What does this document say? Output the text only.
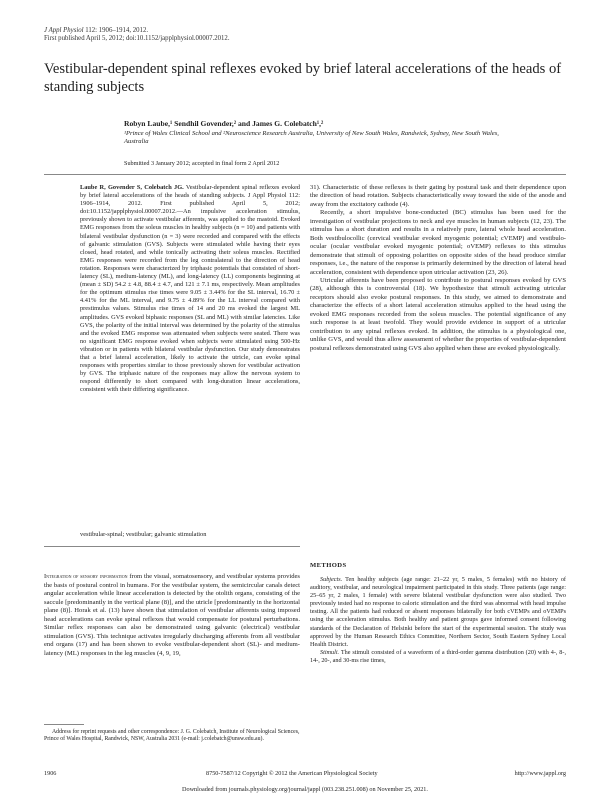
J Appl Physiol 112: 1906–1914, 2012.
First published April 5, 2012; doi:10.1152/japplphysiol.00007.2012.
Vestibular-dependent spinal reflexes evoked by brief lateral accelerations of the heads of standing subjects
Robyn Laube,¹ Sendhil Govender,² and James G. Colebatch¹,²
¹Prince of Wales Clinical School and ²Neuroscience Research Australia, University of New South Wales, Randwick, Sydney, New South Wales, Australia
Submitted 3 January 2012; accepted in final form 2 April 2012
Laube R, Govender S, Colebatch JG. Vestibular-dependent spinal reflexes evoked by brief lateral accelerations of the heads of standing subjects. J Appl Physiol 112: 1906–1914, 2012. First published April 5, 2012; doi:10.1152/japplphysiol.00007.2012.—An impulsive acceleration stimulus, previously shown to activate vestibular afferents, was applied to the mastoid. Evoked EMG responses from the soleus muscles in healthy subjects (n = 10) and patients with bilateral vestibular dysfunction (n = 3) were recorded and compared with the effects of galvanic stimulation (GVS). Subjects were stimulated while having their eyes closed, head rotated, and while tonically activating their soleus muscles. Rectified EMG responses were recorded from the leg contralateral to the direction of head rotation. Responses were characterized by triphasic potentials that consisted of short-latency (SL), medium-latency (ML), and long-latency (LL) components beginning at (mean ± SD) 54.2 ± 4.8, 88.4 ± 4.7, and 121 ± 7.1 ms, respectively. Mean amplitudes for the optimum stimulus rise times were 9.05 ± 3.44% for the SL interval, 16.70 ± 4.41% for the ML interval, and 9.75 ± 4.89% for the LL interval compared with prestimulus values. Stimulus rise times of 14 and 20 ms evoked the largest ML amplitudes. GVS evoked biphasic responses (SL and ML) with similar latencies. Like GVS, the polarity of the initial interval was determined by the polarity of the stimulus and the evoked EMG response was attenuated when subjects were seated. There was no significant EMG response evoked when subjects were stimulated using 500-Hz vibration or in patients with bilateral vestibular dysfunction. Our study demonstrates that a brief lateral acceleration, likely to activate the utricle, can evoke spinal responses with properties similar to those previously shown for vestibular activation by GVS. The triphasic nature of the responses may allow the nervous system to respond differently to short compared with long-duration linear accelerations, consistent with their differing significance.
vestibular-spinal; vestibular; galvanic stimulation
Integration of sensory information from the visual, somatosensory, and vestibular systems provides the basis of postural control in humans. For the vestibular system, the semicircular canals detect angular acceleration while linear acceleration is detected by the otolith organs, consisting of the saccule [predominantly in the vertical plane (8)], and the utricle [predominantly in the horizontal plane (8)]. Horak et al. (13) have shown that stimulation of vestibular afferents using imposed head accelerations can evoke spinal reflexes that would compensate for postural perturbations. Similar reflex responses can also be demonstrated using galvanic (electrical) vestibular stimulation (GVS). This technique activates irregularly discharging afferents from all vestibular end organs (17) and has been shown to evoke vestibular-dependent short (SL)- and medium-latency (ML) responses in the leg muscles (4, 9, 19,

31). Characteristic of these reflexes is their gating by postural task and their dependence upon the direction of head rotation. Subjects characteristically sway toward the side of the anode and away from the excitatory cathode (4).

Recently, a short impulsive bone-conducted (BC) stimulus has been used for the investigation of vestibular projections to neck and eye muscles in human subjects (12, 23). The stimulus has a short duration and results in a relatively pure, lateral whole head acceleration. Both vestibulocollic (cervical vestibular evoked myogenic potential; cVEMP) and vestibulo-ocular (ocular vestibular evoked myogenic potential; oVEMP) reflexes to this stimulus demonstrate that stimuli of opposing polarities on opposite sides of the head produce similar responses, i.e., the nature of the response is primarily determined by the direction of lateral head acceleration, consistent with dependence upon utricular activation (23, 26).

Utricular afferents have been proposed to contribute to postural responses evoked by GVS (28), although this is controversial (18). We hypothesize that stimuli activating utricular receptors should also evoke postural responses. In this study, we aimed to demonstrate and characterize the effects of a short lateral acceleration stimulus applied to the head using the evoked EMG responses recorded from the soleus muscles. The potential significance of any such response is at least twofold. They would provide evidence in support of a utricular contribution to any spinal reflexes evoked. In addition, the stimulus is a physiological one, unlike GVS, and would thus allow assessment of whether the properties of vestibular-dependent postural reflexes demonstrated using GVS also applied when these are evoked physiologically.

METHODS

Subjects. Ten healthy subjects (age range: 21–22 yr, 5 males, 5 females) with no history of auditory, vestibular, and neurological impairment participated in this study. Three patients (age range: 25–65 yr, 2 males, 1 female) with severe bilateral vestibular dysfunction were also studied. Two previously tested had no response to caloric stimulation and the third was abnormal with head impulse testing. All the patients had reduced or absent responses bilaterally for both cVEMPs and oVEMPs using the acceleration stimulus. Both healthy and patient groups gave informed consent following standards of the Declaration of Helsinki before the start of the experimental session. The study was approved by the Human Research Ethics Committee, Northern Sector, South Eastern Sydney Local Health District.

Stimuli. The stimuli consisted of a waveform of a third-order gamma distribution (20) with 4-, 8-, 14-, 20-, and 30-ms rise times,

Address for reprint requests and other correspondence: J. G. Colebatch, Institute of Neurological Sciences, Prince of Wales Hospital, Randwick, NSW, Australia 2031 (e-mail: j.colebatch@unsw.edu.au).
1906	8750-7587/12 Copyright © 2012 the American Physiological Society	http://www.jappl.org
Downloaded from journals.physiology.org/journal/jappl (003.238.251.008) on November 25, 2021.
